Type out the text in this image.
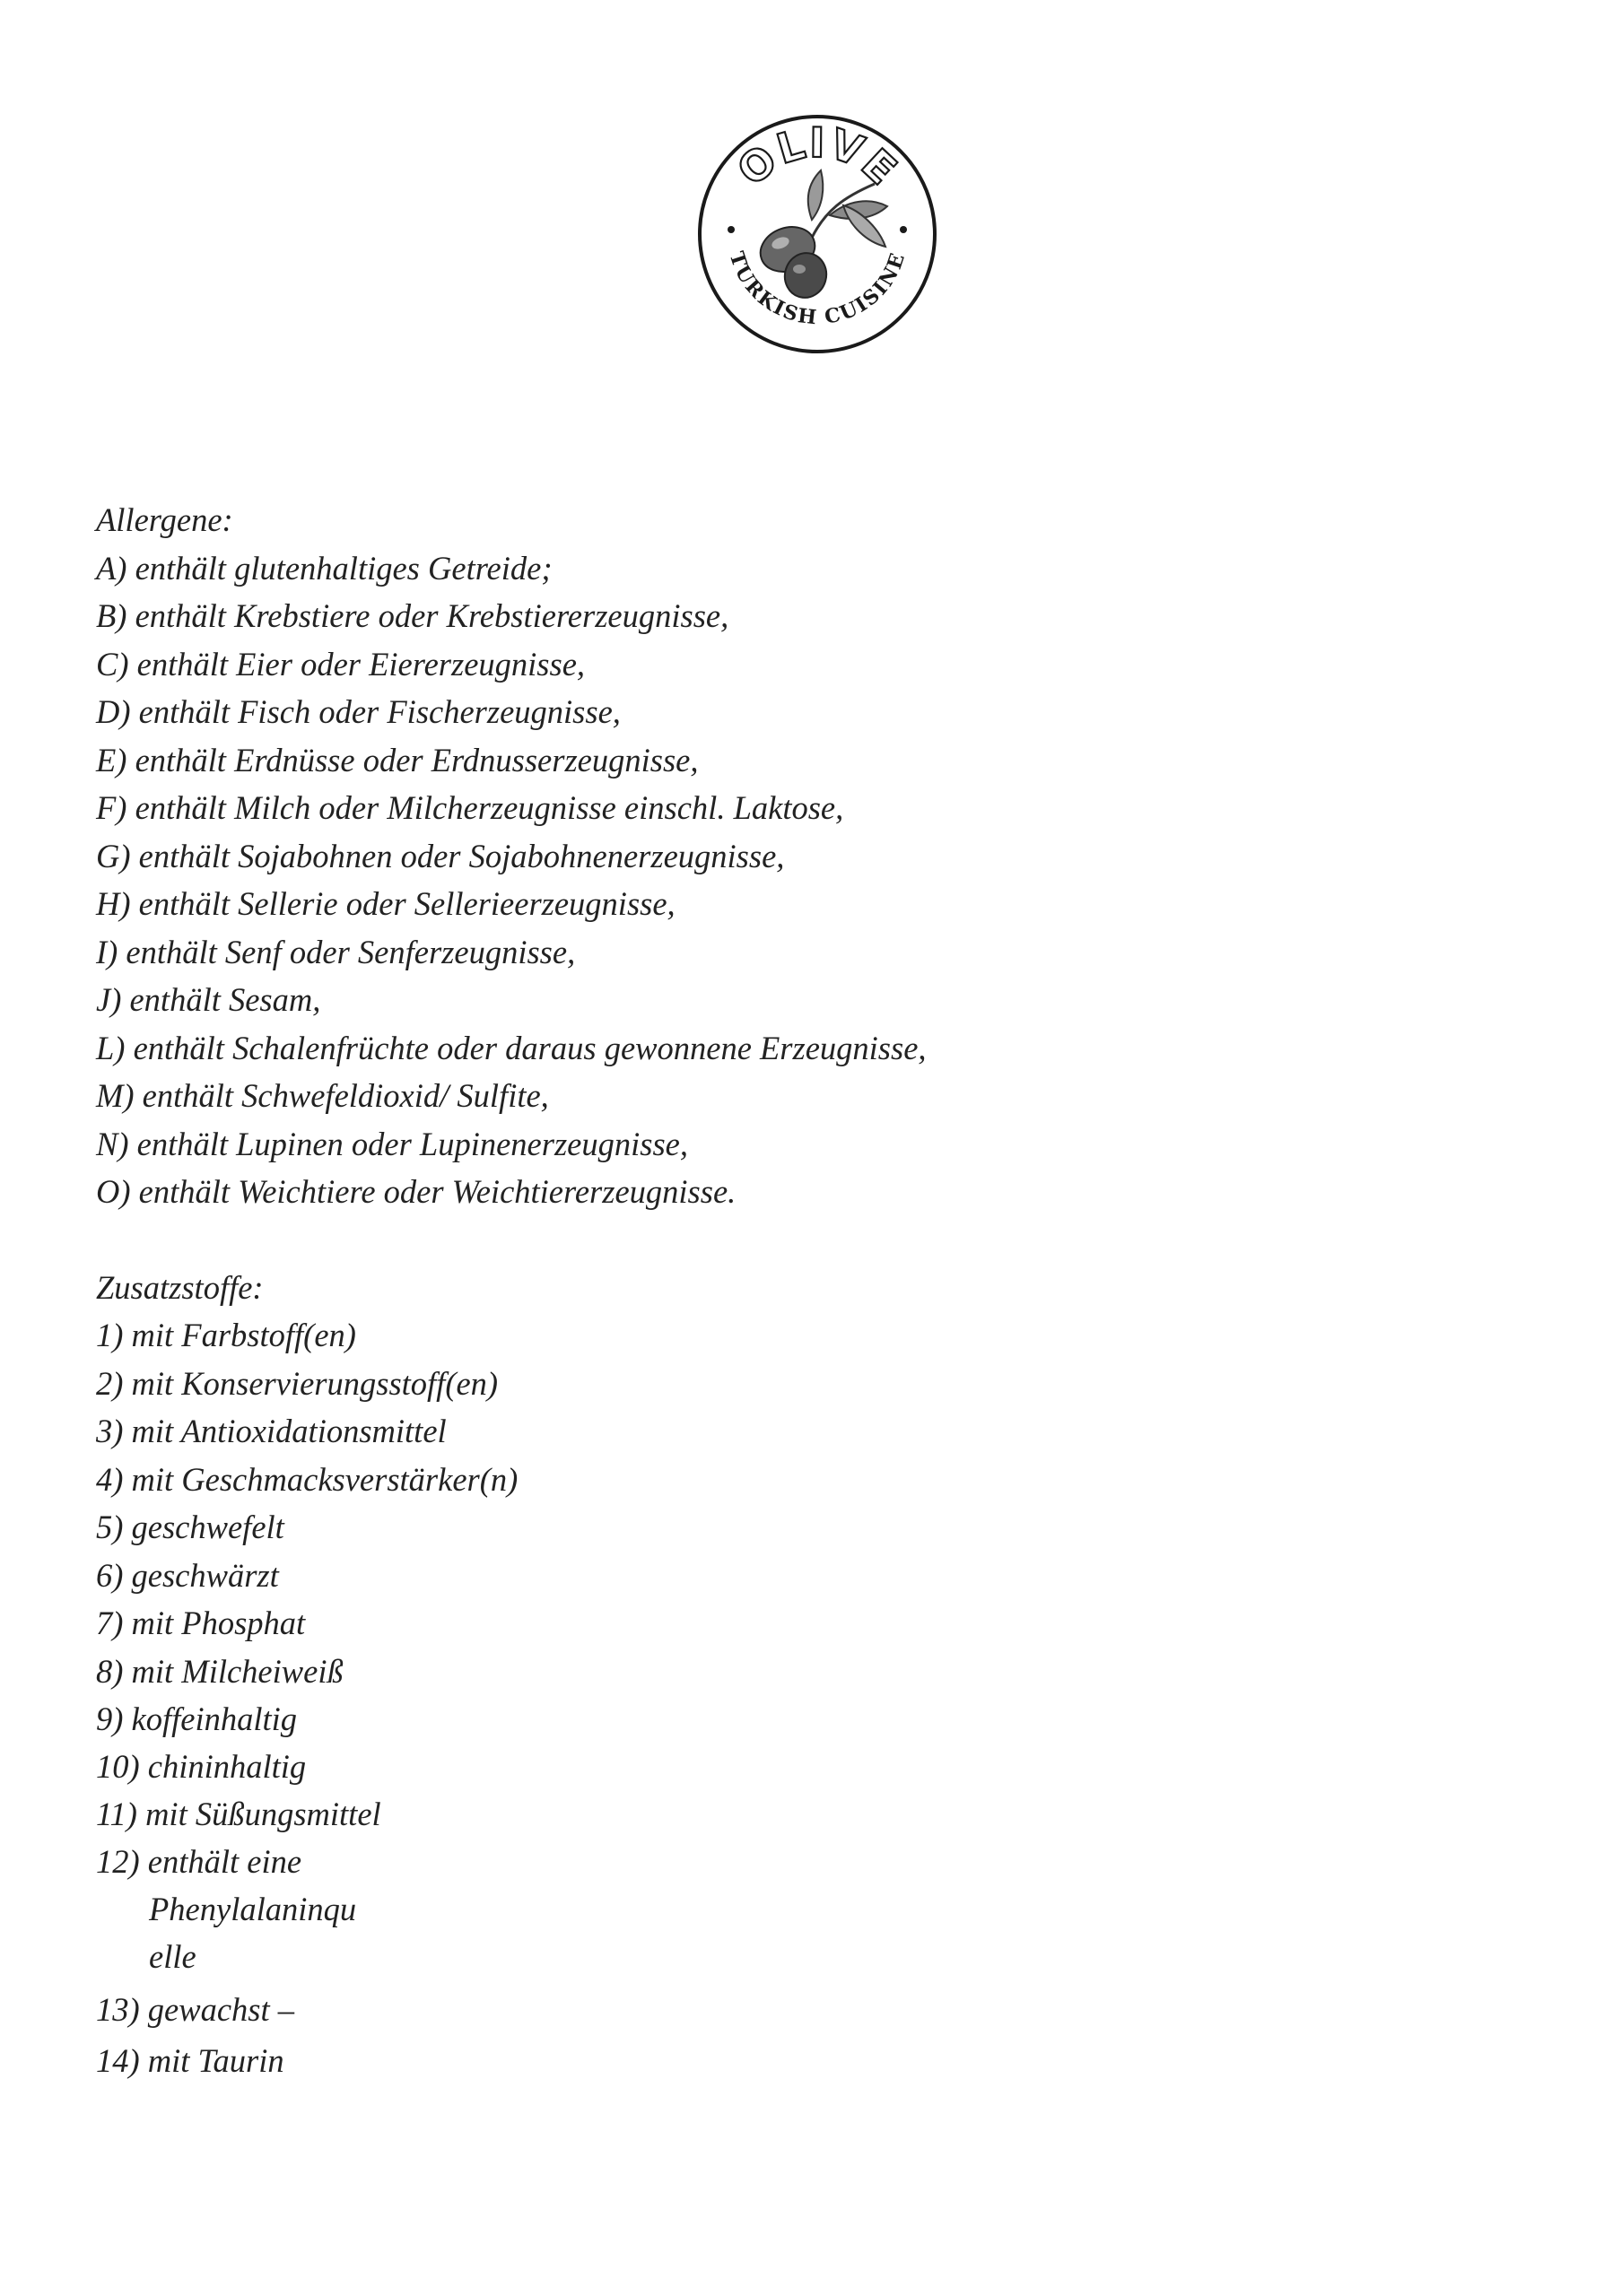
OLIVE
TURKISH CUISINE
Allergene:
A) enthält glutenhaltiges Getreide;
B) enthält Krebstiere oder Krebstiererzeugnisse,
C) enthält Eier oder Eiererzeugnisse,
D) enthält Fisch oder Fischerzeugnisse,
E) enthält Erdnüsse oder Erdnusserzeugnisse,
F) enthält Milch oder Milcherzeugnisse einschl. Laktose,
G) enthält Sojabohnen oder Sojabohnenerzeugnisse,
H) enthält Sellerie oder Sellerieerzeugnisse,
I) enthält Senf oder Senferzeugnisse,
J) enthält Sesam,
L) enthält Schalenfrüchte oder daraus gewonnene Erzeugnisse,
M) enthält Schwefeldioxid/ Sulfite,
N) enthält Lupinen oder Lupinenerzeugnisse,
O) enthält Weichtiere oder Weichtiererzeugnisse.
Zusatzstoffe:
1) mit Farbstoff(en)
2) mit Konservierungsstoff(en)
3) mit Antioxidationsmittel
4) mit Geschmacksverstärker(n)
5) geschwefelt
6) geschwärzt
7) mit Phosphat
8) mit Milcheiweiß
9) koffeinhaltig
10) chininhaltig
11) mit Süßungsmittel
12) enthält eine
Phenylalaninqu
elle
13) gewachst –
14) mit Taurin
